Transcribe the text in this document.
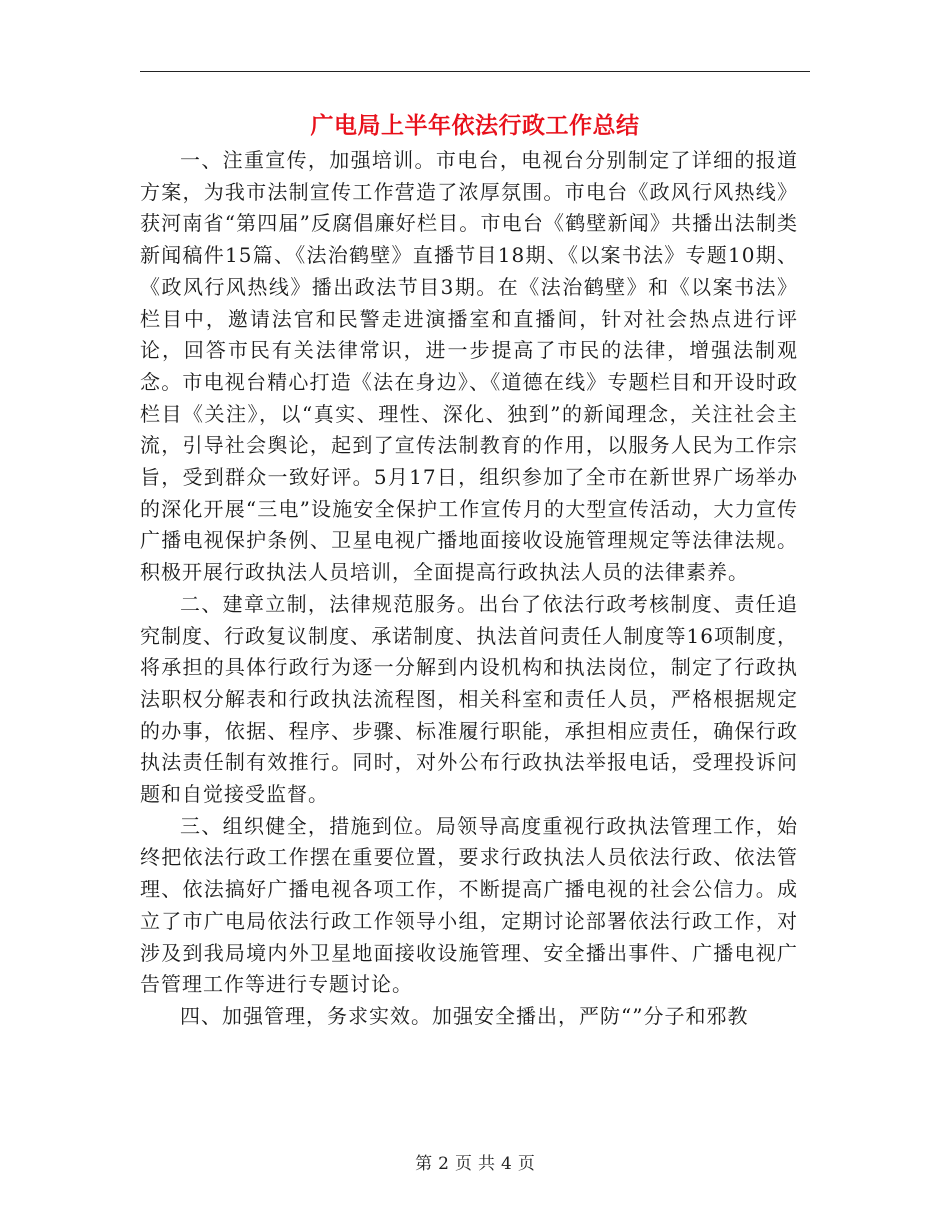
广电局上半年依法行政工作总结

一、注重宣传，加强培训。市电台，电视台分别制定了详细的报道方案，为我市法制宣传工作营造了浓厚氛围。市电台《政风行风热线》获河南省“第四届”反腐倡廉好栏目。市电台《鹤壁新闻》共播出法制类新闻稿件15篇、《法治鹤壁》直播节目18期、《以案书法》专题10期、《政风行风热线》播出政法节目3期。在《法治鹤壁》和《以案书法》栏目中，邀请法官和民警走进演播室和直播间，针对社会热点进行评论，回答市民有关法律常识，进一步提高了市民的法律，增强法制观念。市电视台精心打造《法在身边》、《道德在线》专题栏目和开设时政栏目《关注》，以“真实、理性、深化、独到”的新闻理念，关注社会主流，引导社会舆论，起到了宣传法制教育的作用，以服务人民为工作宗旨，受到群众一致好评。5月17日，组织参加了全市在新世界广场举办的深化开展“三电”设施安全保护工作宣传月的大型宣传活动，大力宣传广播电视保护条例、卫星电视广播地面接收设施管理规定等法律法规。积极开展行政执法人员培训，全面提高行政执法人员的法律素养。

二、建章立制，法律规范服务。出台了依法行政考核制度、责任追究制度、行政复议制度、承诺制度、执法首问责任人制度等16项制度，将承担的具体行政行为逐一分解到内设机构和执法岗位，制定了行政执法职权分解表和行政执法流程图，相关科室和责任人员，严格根据规定的办事，依据、程序、步骤、标准履行职能，承担相应责任，确保行政执法责任制有效推行。同时，对外公布行政执法举报电话，受理投诉问题和自觉接受监督。

三、组织健全，措施到位。局领导高度重视行政执法管理工作，始终把依法行政工作摆在重要位置，要求行政执法人员依法行政、依法管理、依法搞好广播电视各项工作，不断提高广播电视的社会公信力。成立了市广电局依法行政工作领导小组，定期讨论部署依法行政工作，对涉及到我局境内外卫星地面接收设施管理、安全播出事件、广播电视广告管理工作等进行专题讨论。

四、加强管理，务求实效。加强安全播出，严防“”分子和邪教

第 2 页 共 4 页
